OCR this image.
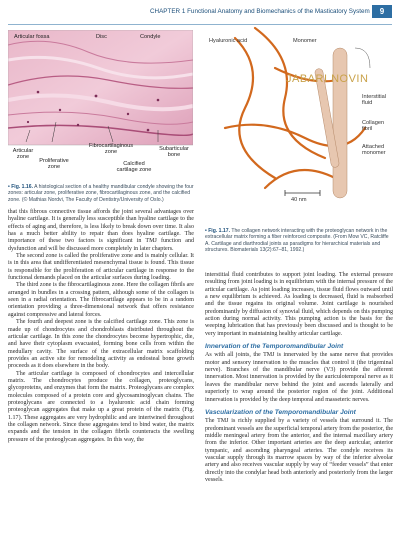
CHAPTER 1 Functional Anatomy and Biomechanics of the Masticatory System	9
Articular fossa	Disc	Condyle
Articular zone
Proliferative zone
Fibrocartilaginous zone
Calcified cartilage zone
Subarticular bone
• Fig. 1.16. A histological section of a healthy mandibular condyle showing the four zones: articular zone, proliferative zone, fibrocartilaginous zone, and the calcified zone. (© Mathias Nordvi, The Faculty of Dentistry/University of Oslo.)
Hyaluronic acid	Monomer
Interstitial fluid
Collagen fibril
Attached monomer
40 nm
JABARI NOVIN
• Fig. 1.17. The collagen network interacting with the proteoglycan network in the extracellular matrix forming a fiber reinforced composite. (From Mow VC, Ratcliffe A. Cartilage and diarthrodial joints as paradigms for hierarchical materials and structures. Biomaterials 13(2):67–81, 1992.)

that this fibrous connective tissue affords the joint several advantages over hyaline cartilage. It is generally less susceptible than hyaline cartilage to the effects of aging and, therefore, is less likely to break down over time. It also has a much better ability to repair than does hyaline cartilage. The importance of these two factors is significant in TMJ function and dysfunction and will be discussed more completely in later chapters.

The second zone is called the proliferative zone and is mainly cellular. It is in this area that undifferentiated mesenchymal tissue is found. This tissue is responsible for the proliferation of articular cartilage in response to the functional demands placed on the articular surfaces during loading.

The third zone is the fibrocartilaginous zone. Here the collagen fibrils are arranged in bundles in a crossing pattern, although some of the collagen is seen in a radial orientation. The fibrocartilage appears to be in a random orientation providing a three-dimensional network that offers resistance against compressive and lateral forces.

The fourth and deepest zone is the calcified cartilage zone. This zone is made up of chondrocytes and chondroblasts distributed throughout the articular cartilage. In this zone the chondrocytes become hypertrophic, die, and have their cytoplasm evacuated, forming bone cells from within the medullary cavity. The surface of the extracellular matrix scaffolding provides an active site for remodeling activity as endosteal bone growth proceeds as it does elsewhere in the body.

The articular cartilage is composed of chondrocytes and intercellular matrix. The chondrocytes produce the collagen, proteoglycans, glycoproteins, and enzymes that form the matrix. Proteoglycans are complex molecules composed of a protein core and glycosaminoglycan chains. The proteoglycans are connected to a hyaluronic acid chain forming proteoglycan aggregates that make up a great protein of the matrix (Fig. 1.17). These aggregates are very hydrophilic and are intertwined throughout the collagen network. Since these aggregates tend to bind water, the matrix expands and the tension in the collagen fibrils counteracts the swelling pressure of the proteoglycan aggregates. In this way, the

interstitial fluid contributes to support joint loading. The external pressure resulting from joint loading is in equilibrium with the internal pressure of the articular cartilage. As joint loading increases, tissue fluid flows outward until a new equilibrium is achieved. As loading is decreased, fluid is reabsorbed and the tissue regains its original volume. Joint cartilage is nourished predominantly by diffusion of synovial fluid, which depends on this pumping action during normal activity. This pumping action is the basis for the weeping lubrication that has previously been discussed and is thought to be very important in maintaining healthy articular cartilage.

Innervation of the Temporomandibular Joint

As with all joints, the TMJ is innervated by the same nerve that provides motor and sensory innervation to the muscles that control it (the trigeminal nerve). Branches of the mandibular nerve (V3) provide the afferent innervation. Most innervation is provided by the auriculotemporal nerve as it leaves the mandibular nerve behind the joint and ascends laterally and superiorly to wrap around the posterior region of the joint. Additional innervation is provided by the deep temporal and masseteric nerves.

Vascularization of the Temporomandibular Joint

The TMJ is richly supplied by a variety of vessels that surround it. The predominant vessels are the superficial temporal artery from the posterior, the middle meningeal artery from the anterior, and the internal maxillary artery from the inferior. Other important arteries are the deep auricular, anterior tympanic, and ascending pharyngeal arteries. The condyle receives its vascular supply through its marrow spaces by way of the inferior alveolar artery and also receives vascular supply by way of “feeder vessels” that enter directly into the condylar head both anteriorly and posteriorly from the larger vessels.
